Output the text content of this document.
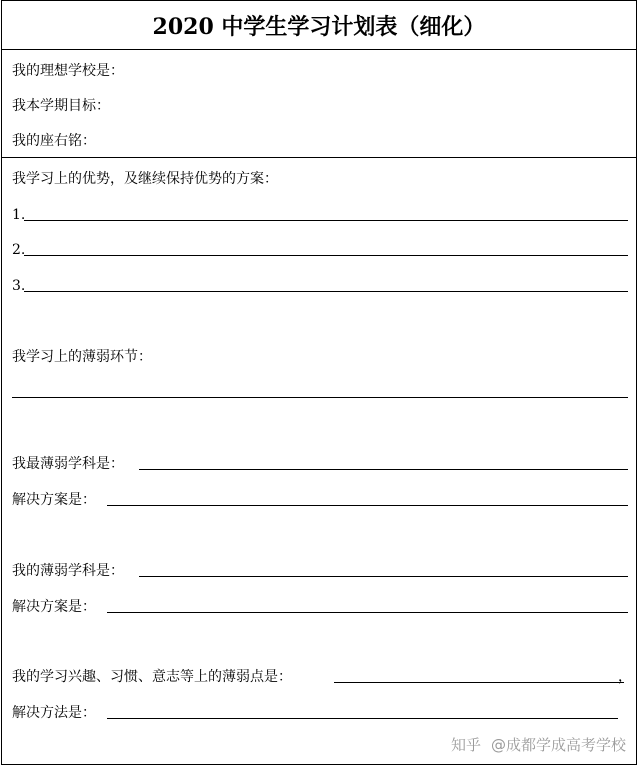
2020 中学生学习计划表（细化）
我的理想学校是：
我本学期目标：
我的座右铭：
我学习上的优势，及继续保持优势的方案：
1.
2.
3.
我学习上的薄弱环节：
我最薄弱学科是：
解决方案是：
我的薄弱学科是：
解决方案是：
我的学习兴趣、习惯、意志等上的薄弱点是：	，
解决方法是：
知乎 @成都学成高考学校
